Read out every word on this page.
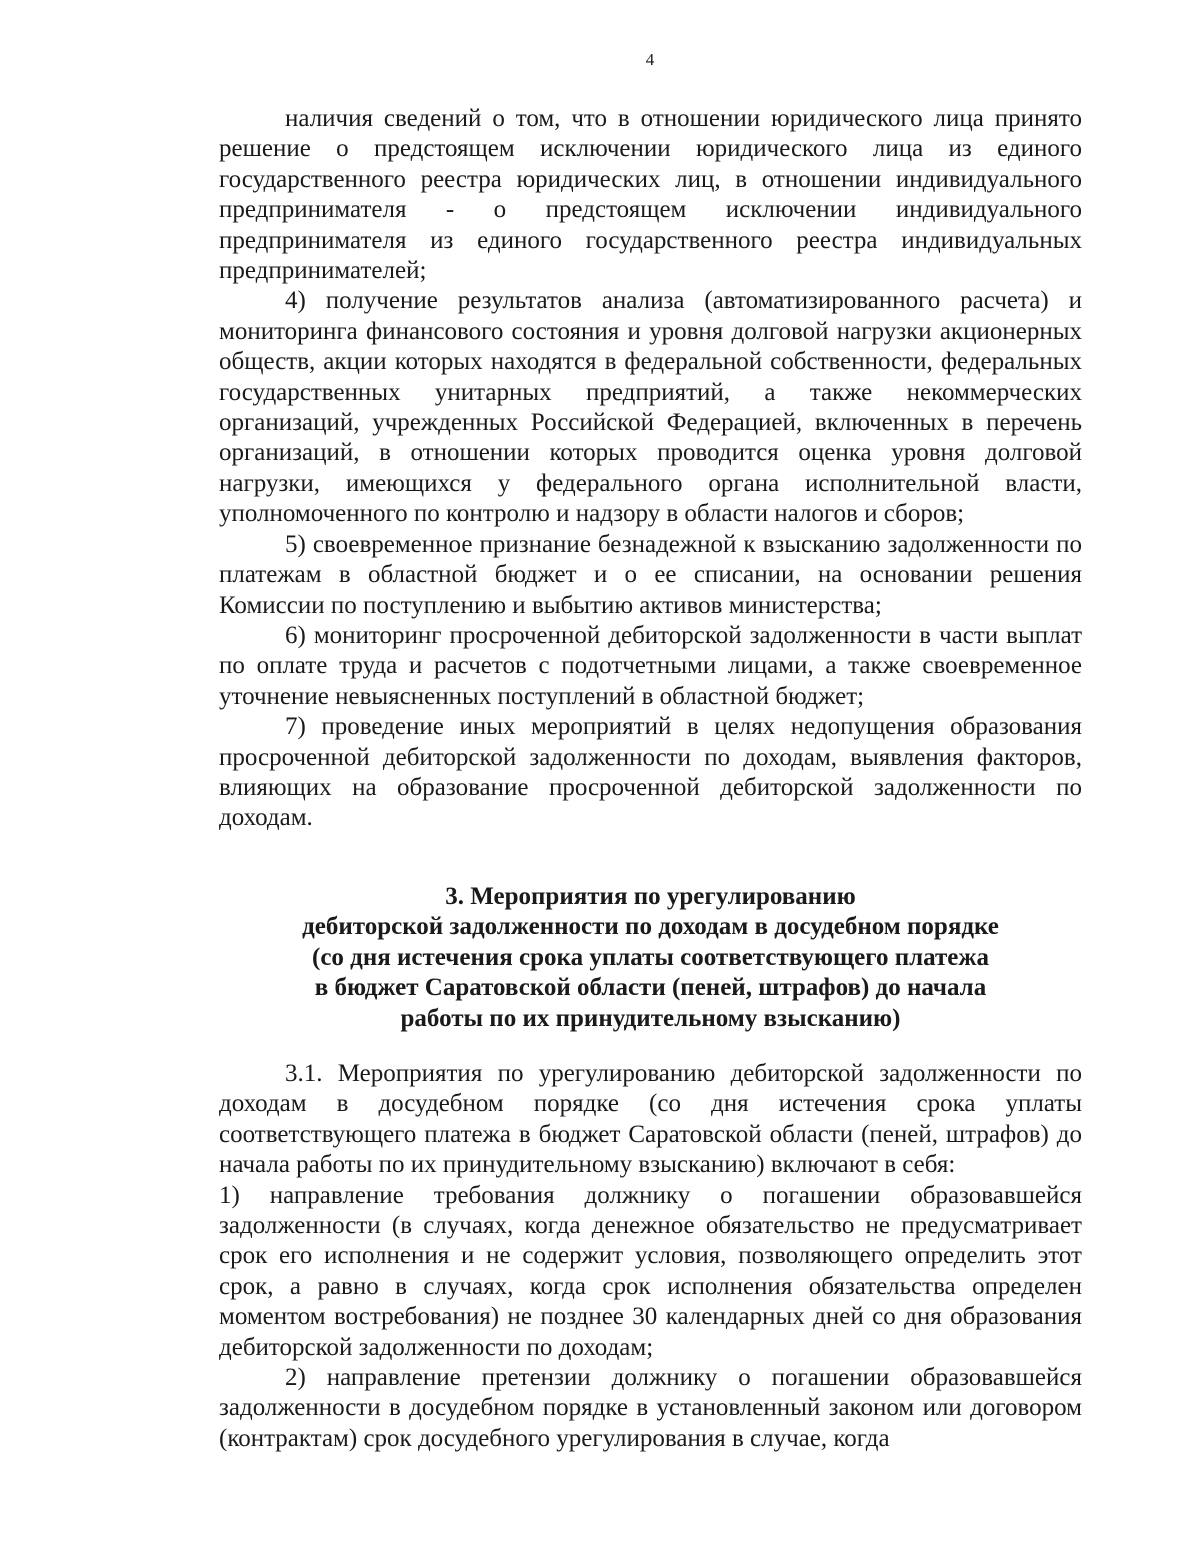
4

наличия сведений о том, что в отношении юридического лица принято решение о предстоящем исключении юридического лица из единого государственного реестра юридических лиц, в отношении индивидуального предпринимателя - о предстоящем исключении индивидуального предпринимателя из единого государственного реестра индивидуальных предпринимателей;

4) получение результатов анализа (автоматизированного расчета) и мониторинга финансового состояния и уровня долговой нагрузки акционерных обществ, акции которых находятся в федеральной собственности, федеральных государственных унитарных предприятий, а также некоммерческих организаций, учрежденных Российской Федерацией, включенных в перечень организаций, в отношении которых проводится оценка уровня долговой нагрузки, имеющихся у федерального органа исполнительной власти, уполномоченного по контролю и надзору в области налогов и сборов;

5) своевременное признание безнадежной к взысканию задолженности по платежам в областной бюджет и о ее списании, на основании решения Комиссии по поступлению и выбытию активов министерства;

6) мониторинг просроченной дебиторской задолженности в части выплат по оплате труда и расчетов с подотчетными лицами, а также своевременное уточнение невыясненных поступлений в областной бюджет;

7) проведение иных мероприятий в целях недопущения образования просроченной дебиторской задолженности по доходам, выявления факторов, влияющих на образование просроченной дебиторской задолженности по доходам.

3. Мероприятия по урегулированию
дебиторской задолженности по доходам в досудебном порядке
(со дня истечения срока уплаты соответствующего платежа
в бюджет Саратовской области (пеней, штрафов) до начала
работы по их принудительному взысканию)

3.1. Мероприятия по урегулированию дебиторской задолженности по доходам в досудебном порядке (со дня истечения срока уплаты соответствующего платежа в бюджет Саратовской области (пеней, штрафов) до начала работы по их принудительному взысканию) включают в себя:

1) направление требования должнику о погашении образовавшейся задолженности (в случаях, когда денежное обязательство не предусматривает срок его исполнения и не содержит условия, позволяющего определить этот срок, а равно в случаях, когда срок исполнения обязательства определен моментом востребования) не позднее 30 календарных дней со дня образования дебиторской задолженности по доходам;

2) направление претензии должнику о погашении образовавшейся задолженности в досудебном порядке в установленный законом или договором (контрактам) срок досудебного урегулирования в случае, когда
